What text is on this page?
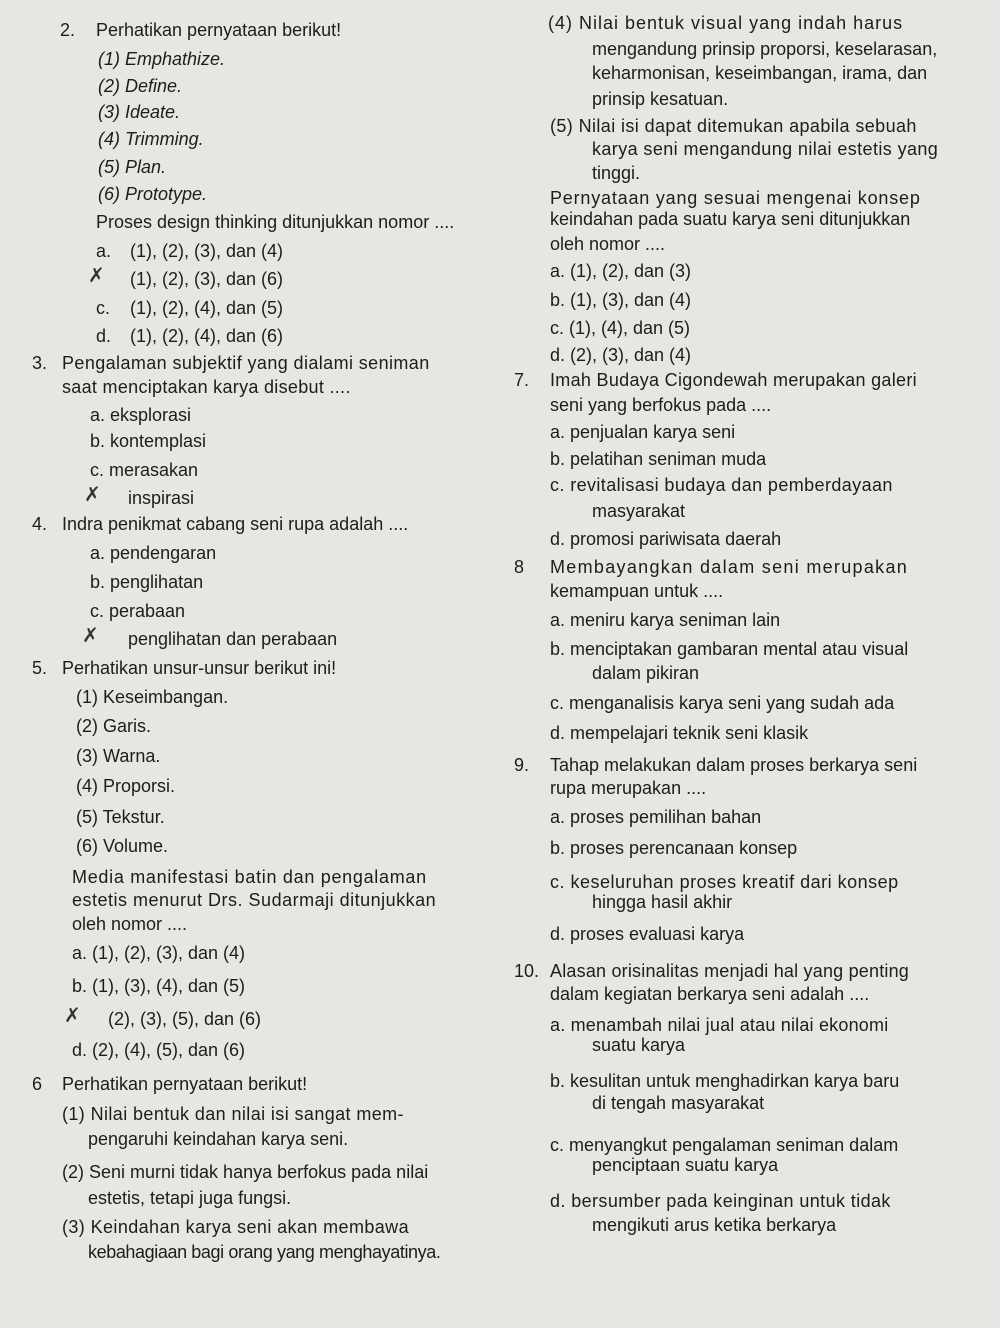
2. Perhatikan pernyataan berikut!
(1) Emphathize.
(2) Define.
(3) Ideate.
(4) Trimming.
(5) Plan.
(6) Prototype.
Proses design thinking ditunjukkan nomor ....
a. (1), (2), (3), dan (4)
✗ (1), (2), (3), dan (6)
c. (1), (2), (4), dan (5)
d. (1), (2), (4), dan (6)
3. Pengalaman subjektif yang dialami seniman
saat menciptakan karya disebut ....
a. eksplorasi
b. kontemplasi
c. merasakan
✗ inspirasi
4. Indra penikmat cabang seni rupa adalah ....
a. pendengaran
b. penglihatan
c. perabaan
✗ penglihatan dan perabaan
5. Perhatikan unsur-unsur berikut ini!
(1) Keseimbangan.
(2) Garis.
(3) Warna.
(4) Proporsi.
(5) Tekstur.
(6) Volume.
Media manifestasi batin dan pengalaman
estetis menurut Drs. Sudarmaji ditunjukkan
oleh nomor ....
a. (1), (2), (3), dan (4)
b. (1), (3), (4), dan (5)
✗ (2), (3), (5), dan (6)
d. (2), (4), (5), dan (6)
6 Perhatikan pernyataan berikut!
(1) Nilai bentuk dan nilai isi sangat mem-
pengaruhi keindahan karya seni.
(2) Seni murni tidak hanya berfokus pada nilai
estetis, tetapi juga fungsi.
(3) Keindahan karya seni akan membawa
kebahagiaan bagi orang yang menghayatinya.
(4) Nilai bentuk visual yang indah harus
mengandung prinsip proporsi, keselarasan,
keharmonisan, keseimbangan, irama, dan
prinsip kesatuan.
(5) Nilai isi dapat ditemukan apabila sebuah
karya seni mengandung nilai estetis yang
tinggi.
Pernyataan yang sesuai mengenai konsep
keindahan pada suatu karya seni ditunjukkan
oleh nomor ....
a. (1), (2), dan (3)
b. (1), (3), dan (4)
c. (1), (4), dan (5)
d. (2), (3), dan (4)
7. Imah Budaya Cigondewah merupakan galeri
seni yang berfokus pada ....
a. penjualan karya seni
b. pelatihan seniman muda
c. revitalisasi budaya dan pemberdayaan
masyarakat
d. promosi pariwisata daerah
8 Membayangkan dalam seni merupakan
kemampuan untuk ....
a. meniru karya seniman lain
b. menciptakan gambaran mental atau visual
dalam pikiran
c. menganalisis karya seni yang sudah ada
d. mempelajari teknik seni klasik
9. Tahap melakukan dalam proses berkarya seni
rupa merupakan ....
a. proses pemilihan bahan
b. proses perencanaan konsep
c. keseluruhan proses kreatif dari konsep
hingga hasil akhir
d. proses evaluasi karya
10. Alasan orisinalitas menjadi hal yang penting
dalam kegiatan berkarya seni adalah ....
a. menambah nilai jual atau nilai ekonomi
suatu karya
b. kesulitan untuk menghadirkan karya baru
di tengah masyarakat
c. menyangkut pengalaman seniman dalam
penciptaan suatu karya
d. bersumber pada keinginan untuk tidak
mengikuti arus ketika berkarya
